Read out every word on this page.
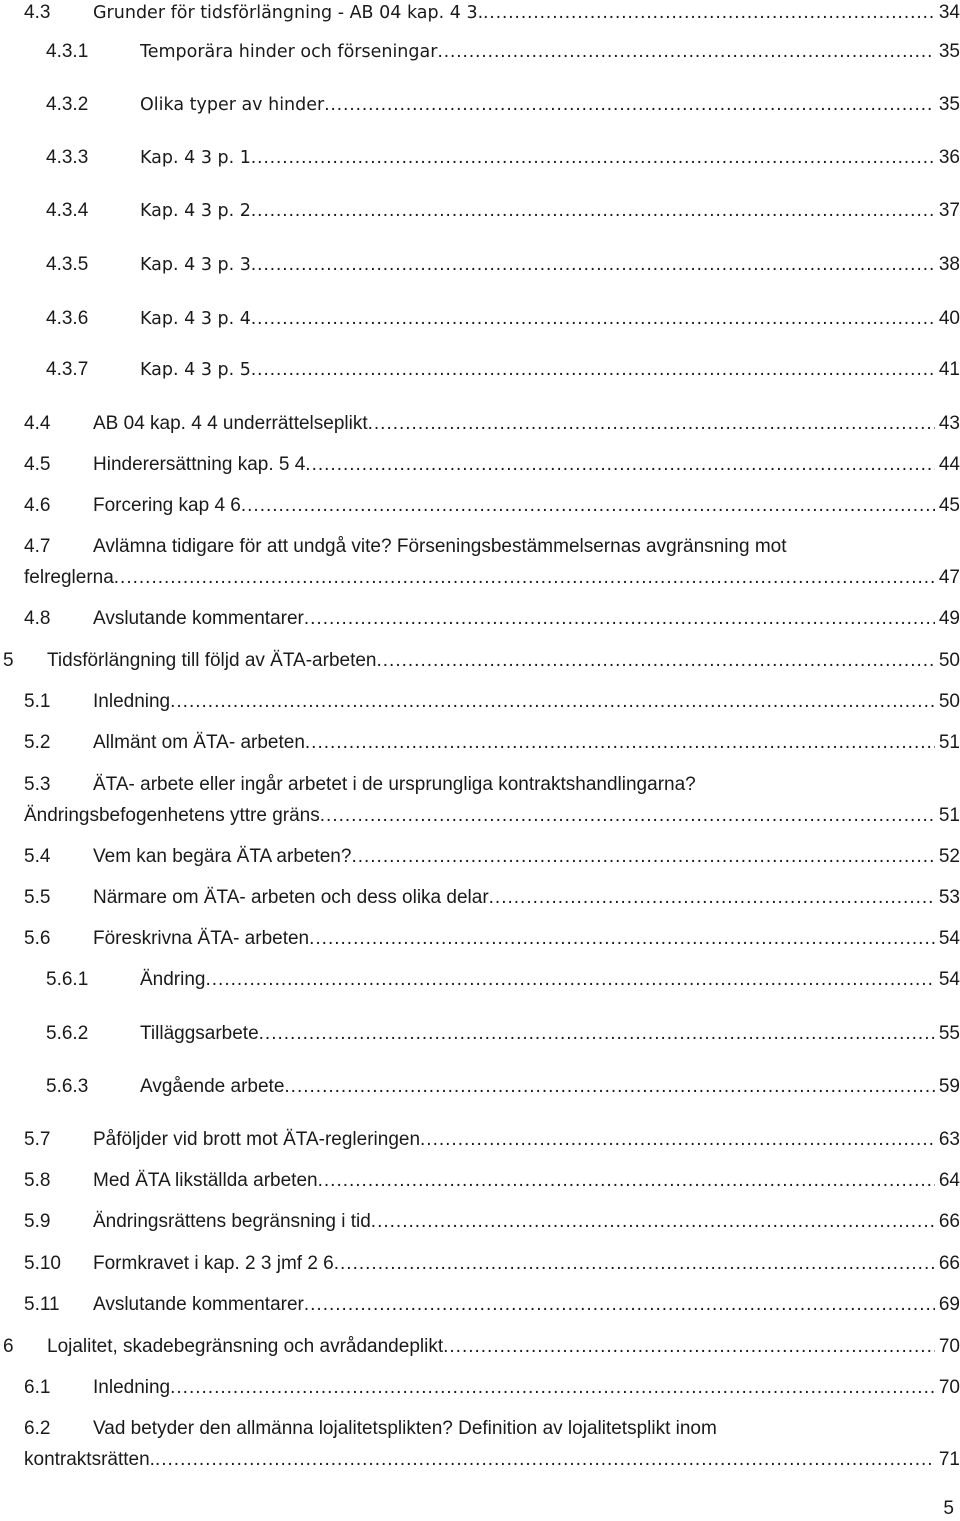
4.3 Grunder för tidsförlängning - AB 04 kap. 4 3. .....	34
4.3.1	Temporära hinder och förseningar .....	35
4.3.2	Olika typer av hinder .....	35
4.3.3	Kap. 4 3 p. 1 .....	36
4.3.4	Kap. 4 3 p. 2 .....	37
4.3.5	Kap. 4 3 p. 3 .....	38
4.3.6	Kap. 4 3 p. 4 .....	40
4.3.7	Kap. 4 3 p. 5 .....	41
4.4 AB 04 kap. 4 4 underrättelseplikt .....	43
4.5 Hinderersättning kap. 5 4 .....	44
4.6 Forcering kap 4 6 .....	45
4.7 Avlämna tidigare för att undgå vite? Förseningsbestämmelsernas avgränsning mot
felreglerna .....	47
4.8 Avslutande kommentarer .....	49
5 Tidsförlängning till följd av ÄTA-arbeten .....	50
5.1 Inledning .....	50
5.2 Allmänt om ÄTA- arbeten .....	51
5.3 ÄTA- arbete eller ingår arbetet i de ursprungliga kontraktshandlingarna?
Ändringsbefogenhetens yttre gräns .....	51
5.4 Vem kan begära ÄTA arbeten? .....	52
5.5 Närmare om ÄTA- arbeten och dess olika delar .....	53
5.6 Föreskrivna ÄTA- arbeten .....	54
5.6.1	Ändring .....	54
5.6.2	Tilläggsarbete .....	55
5.6.3	Avgående arbete .....	59
5.7 Påföljder vid brott mot ÄTA-regleringen .....	63
5.8 Med ÄTA likställda arbeten .....	64
5.9 Ändringsrättens begränsning i tid .....	66
5.10 Formkravet i kap. 2 3 jmf 2 6 .....	66
5.11 Avslutande kommentarer .....	69
6 Lojalitet, skadebegränsning och avrådandeplikt .....	70
6.1 Inledning .....	70
6.2 Vad betyder den allmänna lojalitetsplikten? Definition av lojalitetsplikt inom
kontraktsrätten. .....	71
5
